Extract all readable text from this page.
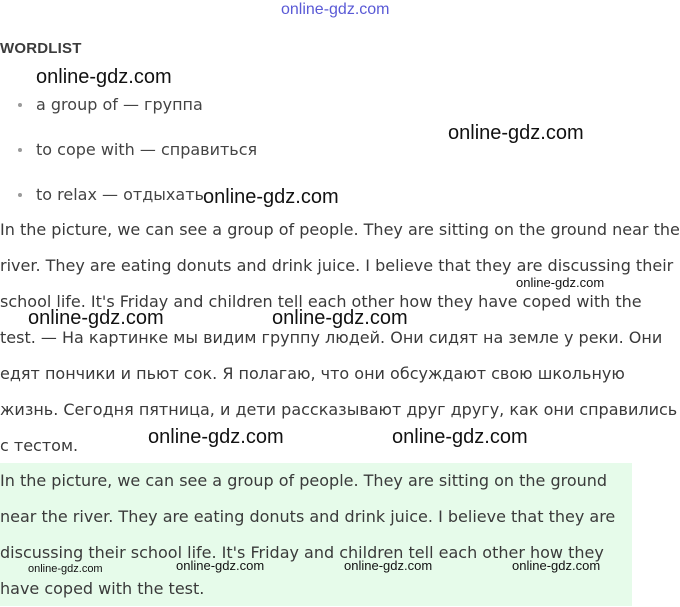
online-gdz.com
WORDLIST
a group of — группа
to cope with — справиться
to relax — отдыхать

In the picture, we can see a group of people. They are sitting on the ground near the river. They are eating donuts and drink juice. I believe that they are discussing their school life. It's Friday and children tell each other how they have coped with the test. — На картинке мы видим группу людей. Они сидят на земле у реки. Они едят пончики и пьют сок. Я полагаю, что они обсуждают свою школьную жизнь. Сегодня пятница, и дети рассказывают друг другу, как они справились с тестом.

In the picture, we can see a group of people. They are sitting on the ground near the river. They are eating donuts and drink juice. I believe that they are discussing their school life. It's Friday and children tell each other how they have coped with the test.

online-gdz.com
online-gdz.com
online-gdz.com
online-gdz.com
online-gdz.com	online-gdz.com
online-gdz.com	online-gdz.com
online-gdz.com	online-gdz.com	online-gdz.com	online-gdz.com
